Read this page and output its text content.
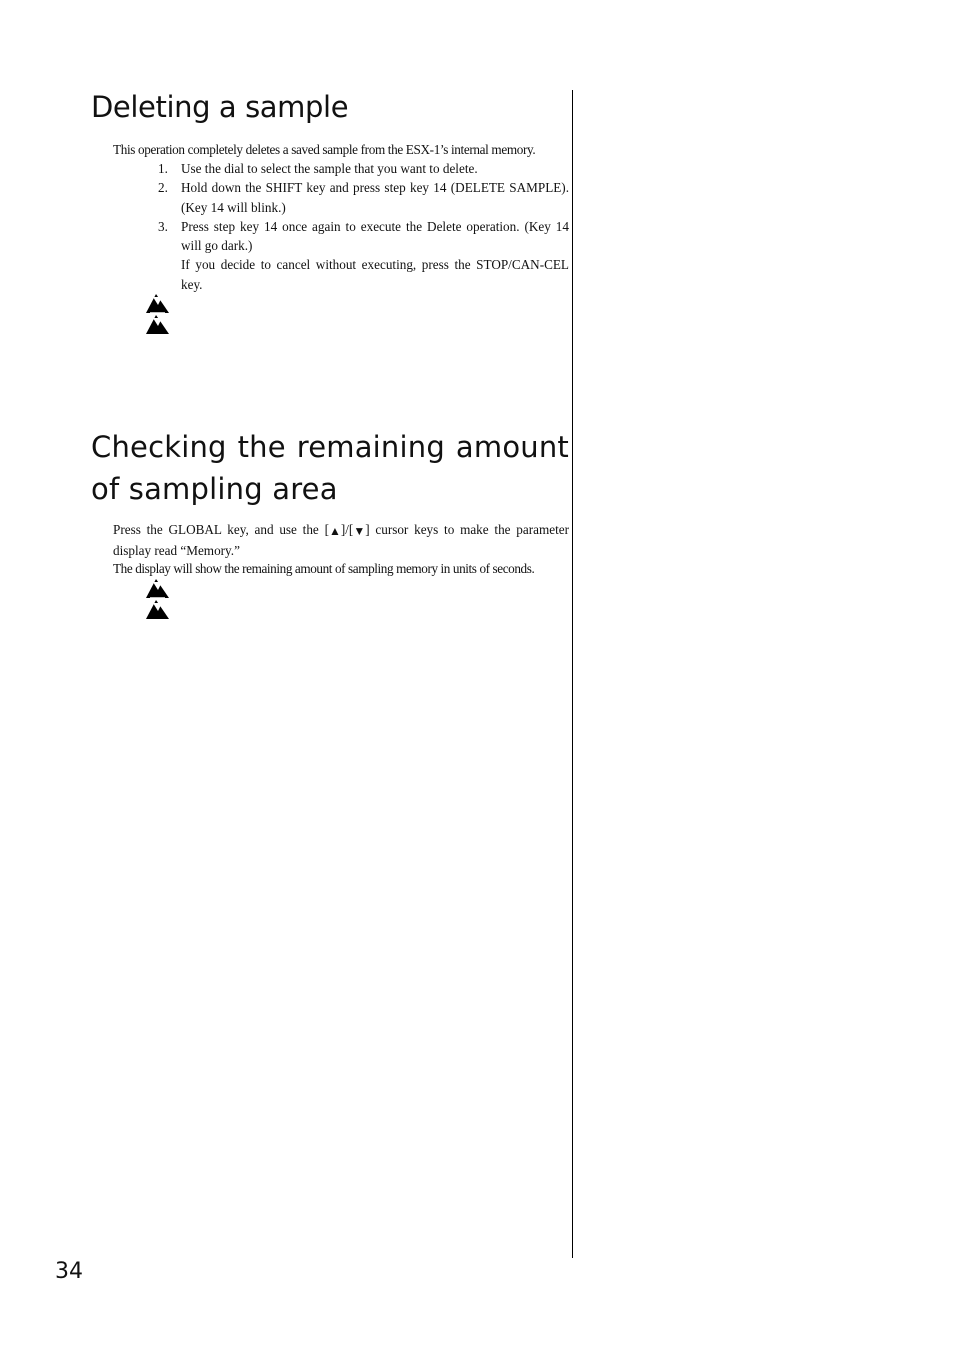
Deleting a sample
This operation completely deletes a saved sample from the ESX-1’s internal memory.
1. Use the dial to select the sample that you want to delete.
2. Hold down the SHIFT key and press step key 14 (DELETE SAMPLE). (Key 14 will blink.)
3. Press step key 14 once again to execute the Delete operation. (Key 14 will go dark.)
If you decide to cancel without executing, press the STOP/CAN-CEL key.
Checking the remaining amount of sampling area
Press the GLOBAL key, and use the [▲]/[▼] cursor keys to make the parameter display read “Memory.”
The display will show the remaining amount of sampling memory in units of seconds.
34
